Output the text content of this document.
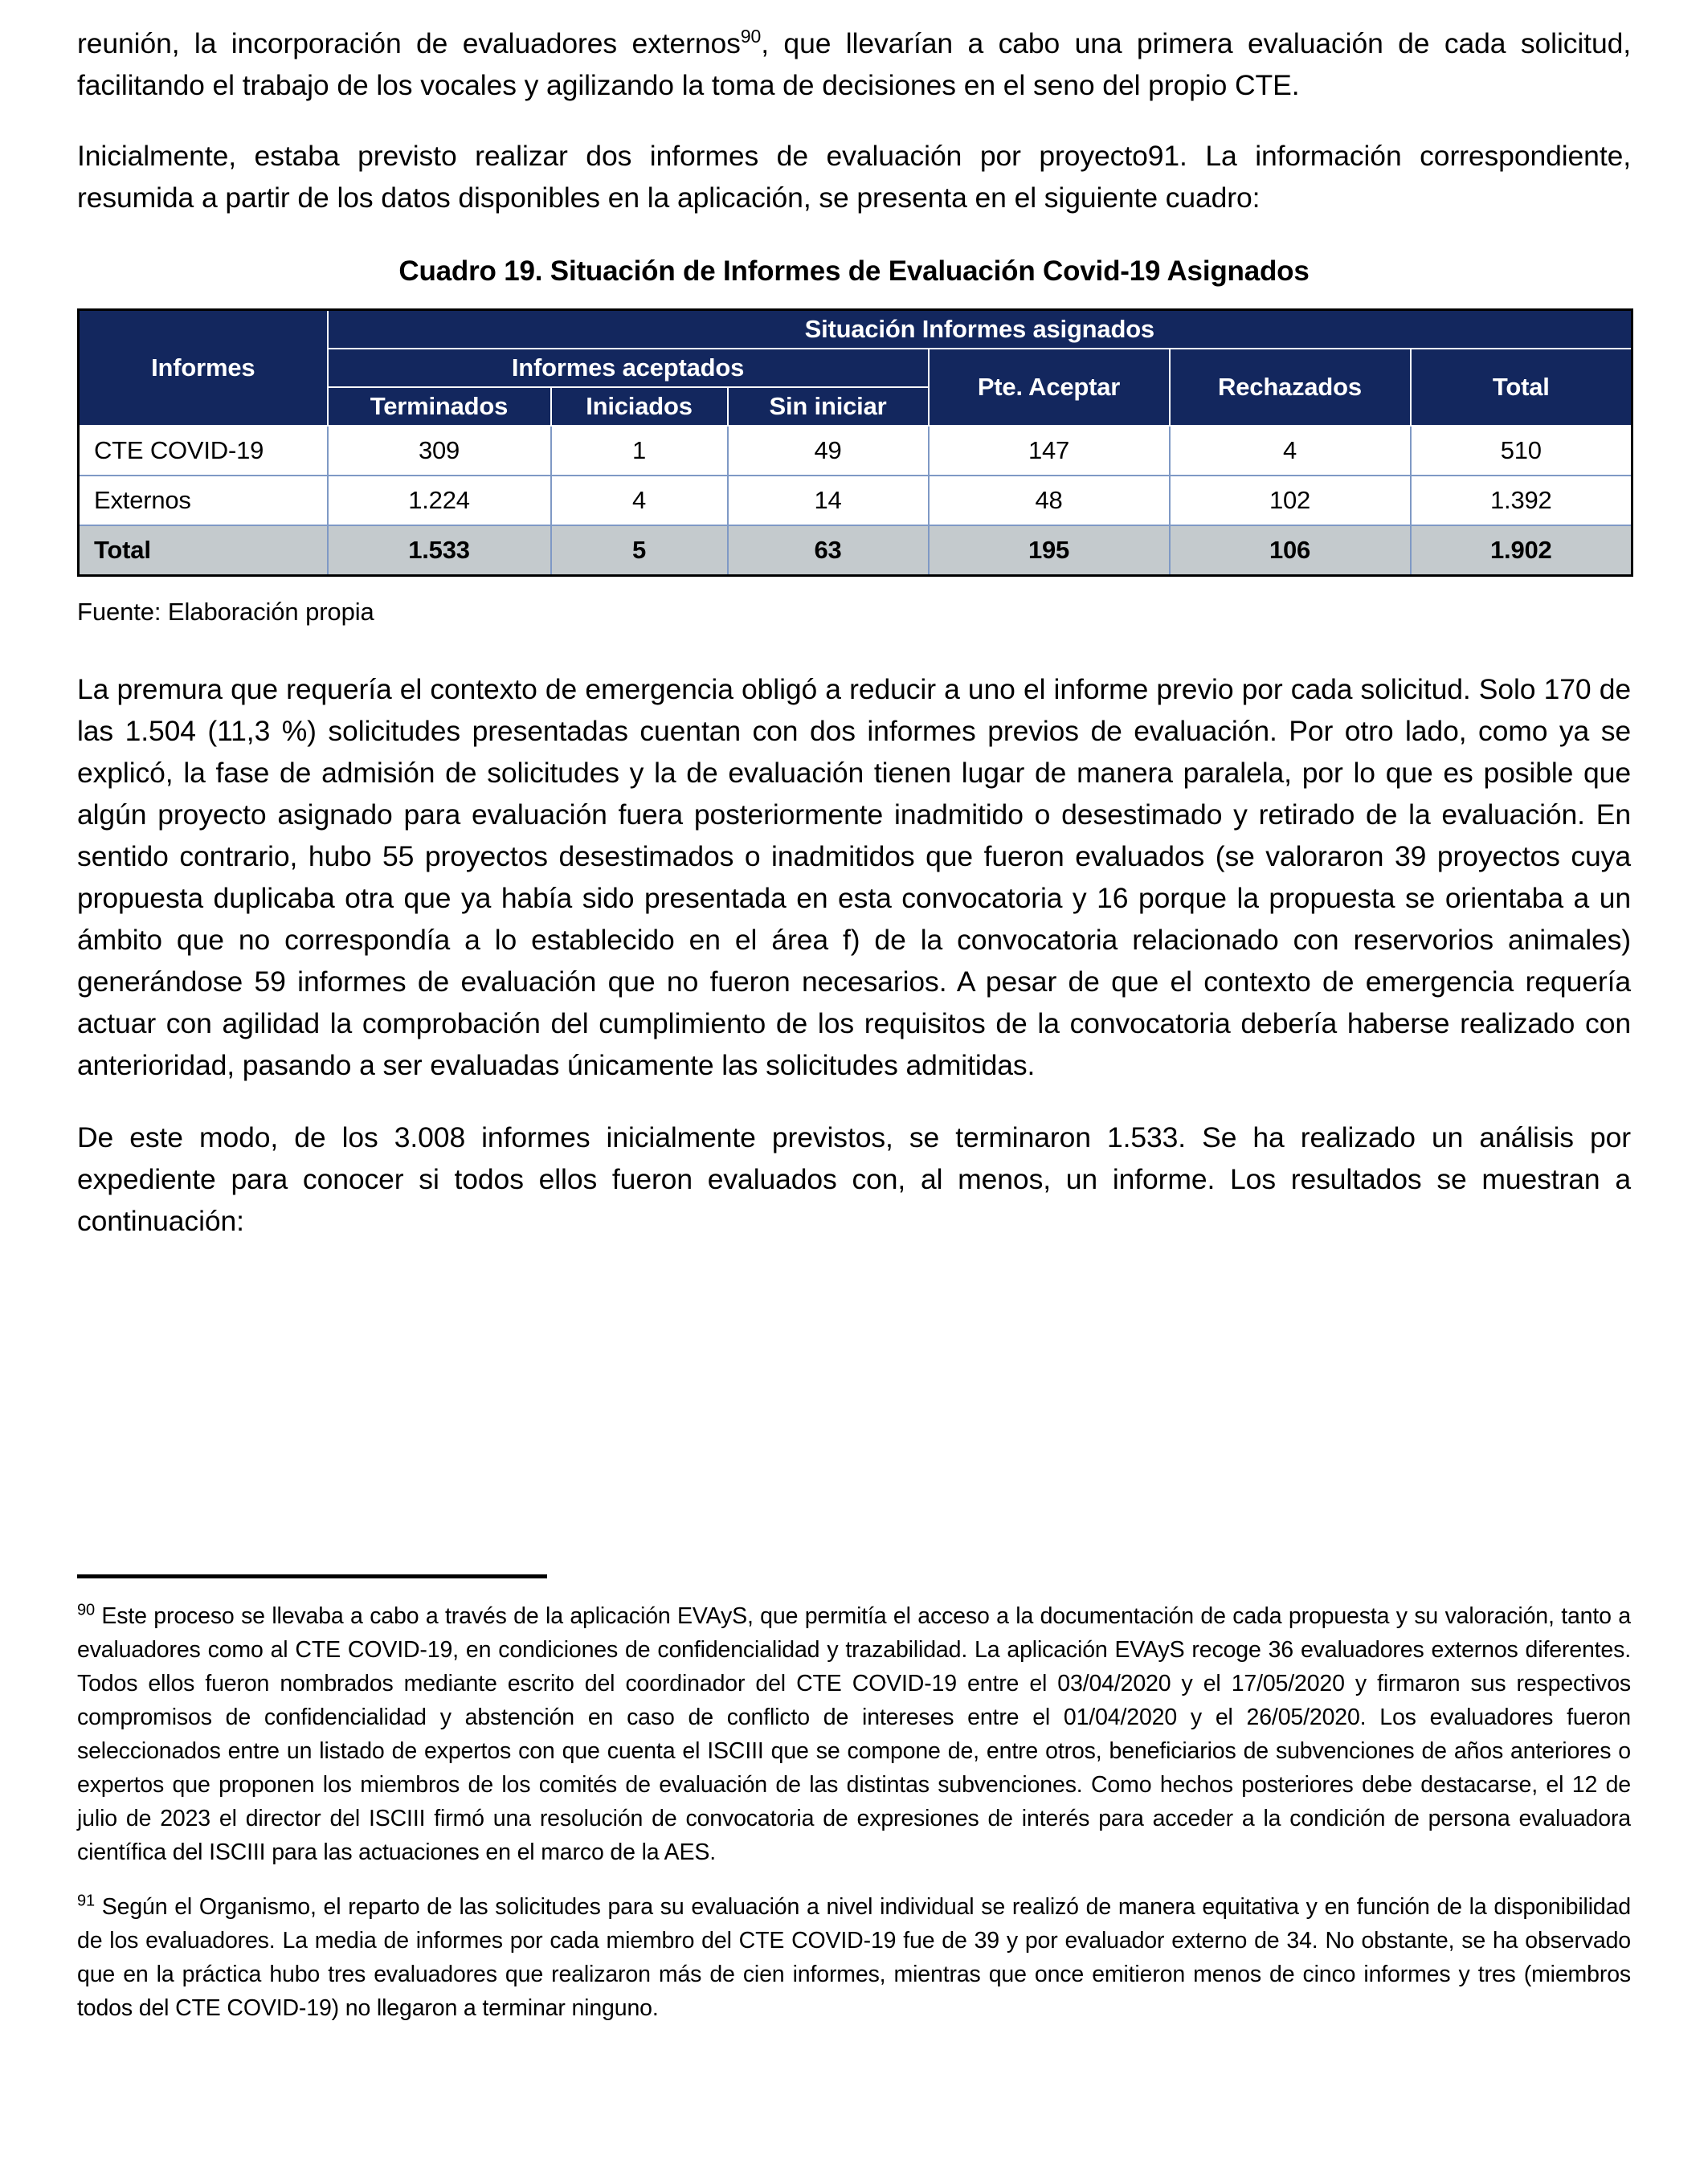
reunión, la incorporación de evaluadores externos$^{90}$, que llevarían a cabo una primera evaluación de cada solicitud, facilitando el trabajo de los vocales y agilizando la toma de decisiones en el seno del propio CTE.

Inicialmente, estaba previsto realizar dos informes de evaluación por proyecto91. La información correspondiente, resumida a partir de los datos disponibles en la aplicación, se presenta en el siguiente cuadro:

Cuadro 19. Situación de Informes de Evaluación Covid-19 Asignados
Informes	Situación Informes asignados					
	Informes aceptados			Pte. Aceptar	Rechazados	Total
	Terminados	Iniciados	Sin iniciar			
CTE COVID-19	309	1	49	147	4	510
Externos	1.224	4	14	48	102	1.392
Total	1.533	5	63	195	106	1.902

Fuente: Elaboración propia

La premura que requería el contexto de emergencia obligó a reducir a uno el informe previo por cada solicitud. Solo 170 de las 1.504 (11,3 %) solicitudes presentadas cuentan con dos informes previos de evaluación. Por otro lado, como ya se explicó, la fase de admisión de solicitudes y la de evaluación tienen lugar de manera paralela, por lo que es posible que algún proyecto asignado para evaluación fuera posteriormente inadmitido o desestimado y retirado de la evaluación. En sentido contrario, hubo 55 proyectos desestimados o inadmitidos que fueron evaluados (se valoraron 39 proyectos cuya propuesta duplicaba otra que ya había sido presentada en esta convocatoria y 16 porque la propuesta se orientaba a un ámbito que no correspondía a lo establecido en el área f) de la convocatoria relacionado con reservorios animales) generándose 59 informes de evaluación que no fueron necesarios. A pesar de que el contexto de emergencia requería actuar con agilidad la comprobación del cumplimiento de los requisitos de la convocatoria debería haberse realizado con anterioridad, pasando a ser evaluadas únicamente las solicitudes admitidas.

De este modo, de los 3.008 informes inicialmente previstos, se terminaron 1.533. Se ha realizado un análisis por expediente para conocer si todos ellos fueron evaluados con, al menos, un informe. Los resultados se muestran a continuación:

$^{90}$ Este proceso se llevaba a cabo a través de la aplicación EVAyS, que permitía el acceso a la documentación de cada propuesta y su valoración, tanto a evaluadores como al CTE COVID-19, en condiciones de confidencialidad y trazabilidad. La aplicación EVAyS recoge 36 evaluadores externos diferentes. Todos ellos fueron nombrados mediante escrito del coordinador del CTE COVID-19 entre el 03/04/2020 y el 17/05/2020 y firmaron sus respectivos compromisos de confidencialidad y abstención en caso de conflicto de intereses entre el 01/04/2020 y el 26/05/2020. Los evaluadores fueron seleccionados entre un listado de expertos con que cuenta el ISCIII que se compone de, entre otros, beneficiarios de subvenciones de años anteriores o expertos que proponen los miembros de los comités de evaluación de las distintas subvenciones. Como hechos posteriores debe destacarse, el 12 de julio de 2023 el director del ISCIII firmó una resolución de convocatoria de expresiones de interés para acceder a la condición de persona evaluadora científica del ISCIII para las actuaciones en el marco de la AES.

$^{91}$ Según el Organismo, el reparto de las solicitudes para su evaluación a nivel individual se realizó de manera equitativa y en función de la disponibilidad de los evaluadores. La media de informes por cada miembro del CTE COVID-19 fue de 39 y por evaluador externo de 34. No obstante, se ha observado que en la práctica hubo tres evaluadores que realizaron más de cien informes, mientras que once emitieron menos de cinco informes y tres (miembros todos del CTE COVID-19) no llegaron a terminar ninguno.
